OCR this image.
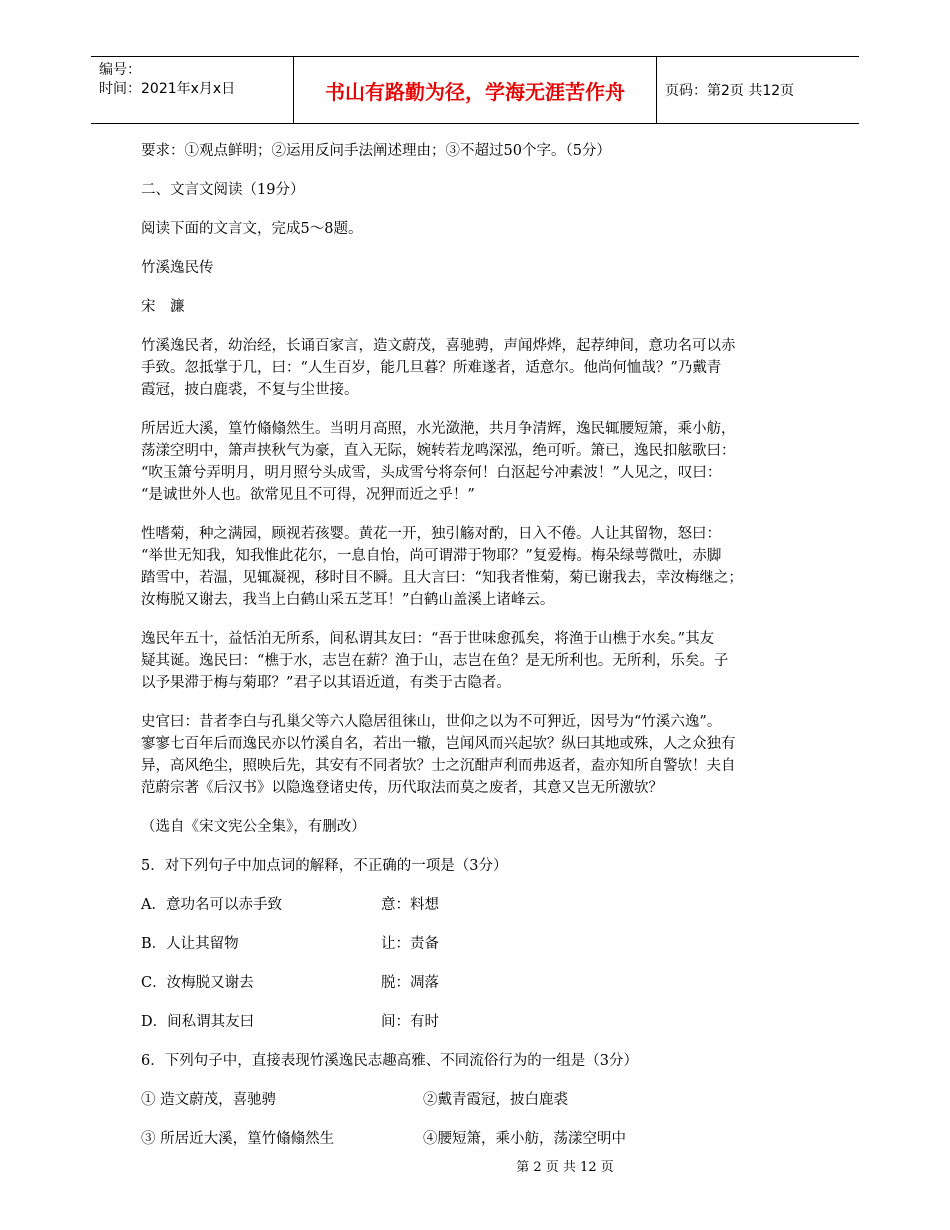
编号：
时间：2021年x月x日	书山有路勤为径，学海无涯苦作舟	页码：第2页 共12页

要求：①观点鲜明；②运用反问手法阐述理由；③不超过50个字。（5分）

二、文言文阅读（19分）

阅读下面的文言文，完成5～8题。

竹溪逸民传

宋　濂

竹溪逸民者，幼治经，长诵百家言，造文蔚茂，喜驰骋，声闻烨烨，起荐绅间，意功名可以赤
手致。忽抵掌于几，曰：“人生百岁，能几旦暮？所难遂者，适意尔。他尚何恤哉？”乃戴青
霞冠，披白鹿裘，不复与尘世接。

所居近大溪，篁竹翛翛然生。当明月高照，水光潋滟，共月争清辉，逸民辄腰短箫，乘小舫，
荡漾空明中，箫声挟秋气为豪，直入无际，婉转若龙鸣深泓，绝可听。箫已，逸民扣舷歌曰：
“吹玉箫兮弄明月，明月照兮头成雪，头成雪兮将奈何！白沤起兮冲素波！”人见之，叹曰：
“是诚世外人也。欲常见且不可得，况狎而近之乎！”

性嗜菊，种之满园，顾视若孩婴。黄花一开，独引觞对酌，日入不倦。人让其留物，怒曰：
“举世无知我，知我惟此花尔，一息自怡，尚可谓滞于物耶？”复爱梅。梅朵绿萼微吐，赤脚
踏雪中，若温，见辄凝视，移时目不瞬。且大言曰：“知我者惟菊，菊已谢我去，幸汝梅继之；
汝梅脱又谢去，我当上白鹤山采五芝耳！”白鹤山盖溪上诸峰云。

逸民年五十，益恬泊无所系，间私谓其友曰：“吾于世味愈孤矣，将渔于山樵于水矣。”其友
疑其诞。逸民曰：“樵于水，志岂在薪？渔于山，志岂在鱼？是无所利也。无所利，乐矣。子
以予果滞于梅与菊耶？”君子以其语近道，有类于古隐者。

史官曰：昔者李白与孔巢父等六人隐居徂徕山，世仰之以为不可狎近，因号为“竹溪六逸”。
寥寥七百年后而逸民亦以竹溪自名，若出一辙，岂闻风而兴起欤？纵曰其地或殊，人之众独有
异，高风绝尘，照映后先，其安有不同者欤？士之沉酣声利而弗返者，盍亦知所自警欤！夫自
范蔚宗著《后汉书》以隐逸登诸史传，历代取法而莫之废者，其意又岂无所激欤？

（选自《宋文宪公全集》，有删改）

5．对下列句子中加点词的解释，不正确的一项是（3分）

A．意功名可以赤手致	意：料想
B．人让其留物	让：责备
C．汝梅脱又谢去	脱：凋落
D．间私谓其友曰	间：有时

6．下列句子中，直接表现竹溪逸民志趣高雅、不同流俗行为的一组是（3分）

① 造文蔚茂，喜驰骋	②戴青霞冠，披白鹿裘
③ 所居近大溪，篁竹翛翛然生	④腰短箫，乘小舫，荡漾空明中
第 2 页 共 12 页
